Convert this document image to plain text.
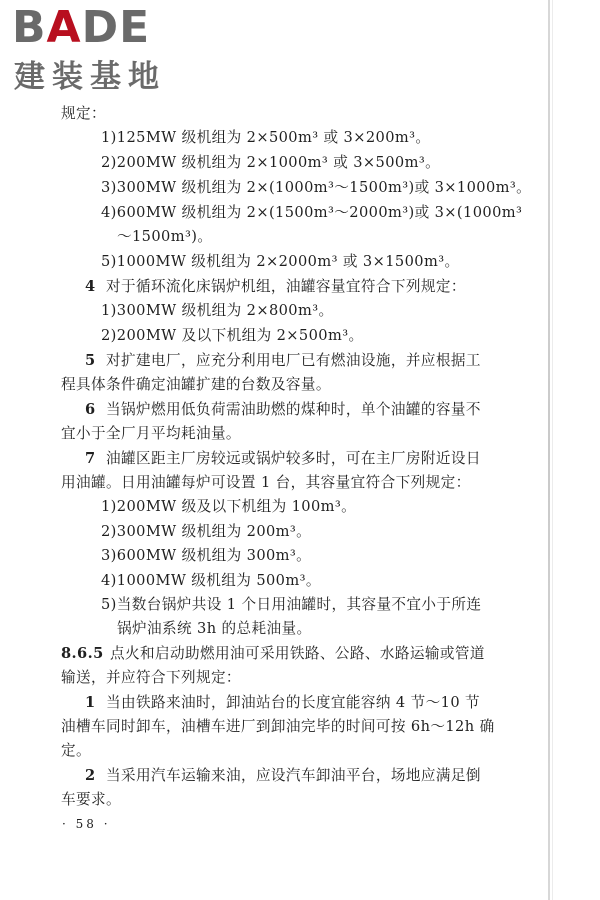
BADE
建装基地
规定：
1)125MW 级机组为 2×500m³ 或 3×200m³。
2)200MW 级机组为 2×1000m³ 或 3×500m³。
3)300MW 级机组为 2×(1000m³～1500m³)或 3×1000m³。
4)600MW 级机组为 2×(1500m³～2000m³)或 3×(1000m³
～1500m³)。
5)1000MW 级机组为 2×2000m³ 或 3×1500m³。
4 对于循环流化床锅炉机组，油罐容量宜符合下列规定：
1)300MW 级机组为 2×800m³。
2)200MW 及以下机组为 2×500m³。
5 对扩建电厂，应充分利用电厂已有燃油设施，并应根据工
程具体条件确定油罐扩建的台数及容量。
6 当锅炉燃用低负荷需油助燃的煤种时，单个油罐的容量不
宜小于全厂月平均耗油量。
7 油罐区距主厂房较远或锅炉较多时，可在主厂房附近设日
用油罐。日用油罐每炉可设置 1 台，其容量宜符合下列规定：
1)200MW 级及以下机组为 100m³。
2)300MW 级机组为 200m³。
3)600MW 级机组为 300m³。
4)1000MW 级机组为 500m³。
5)当数台锅炉共设 1 个日用油罐时，其容量不宜小于所连
锅炉油系统 3h 的总耗油量。
8.6.5 点火和启动助燃用油可采用铁路、公路、水路运输或管道
输送，并应符合下列规定：
1 当由铁路来油时，卸油站台的长度宜能容纳 4 节～10 节
油槽车同时卸车，油槽车进厂到卸油完毕的时间可按 6h～12h 确
定。
2 当采用汽车运输来油，应设汽车卸油平台，场地应满足倒
车要求。
· 58 ·
